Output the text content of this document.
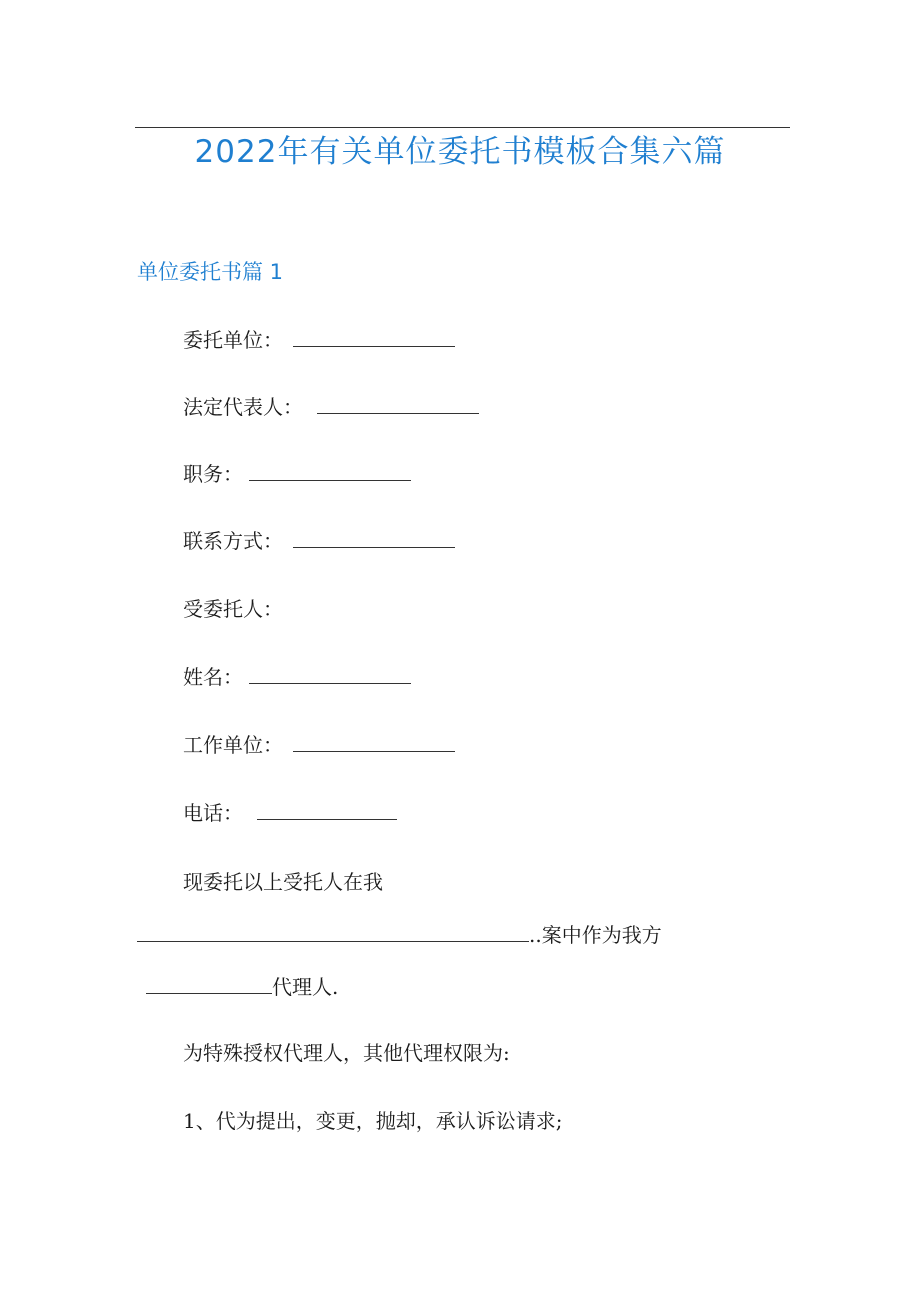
2022年有关单位委托书模板合集六篇
单位委托书篇 1
委托单位：
法定代表人：
职务：
联系方式：
受委托人：
姓名：
工作单位：
电话：
现委托以上受托人在我
..案中作为我方
代理人.
为特殊授权代理人，其他代理权限为:
1、代为提出，变更，抛却，承认诉讼请求;
